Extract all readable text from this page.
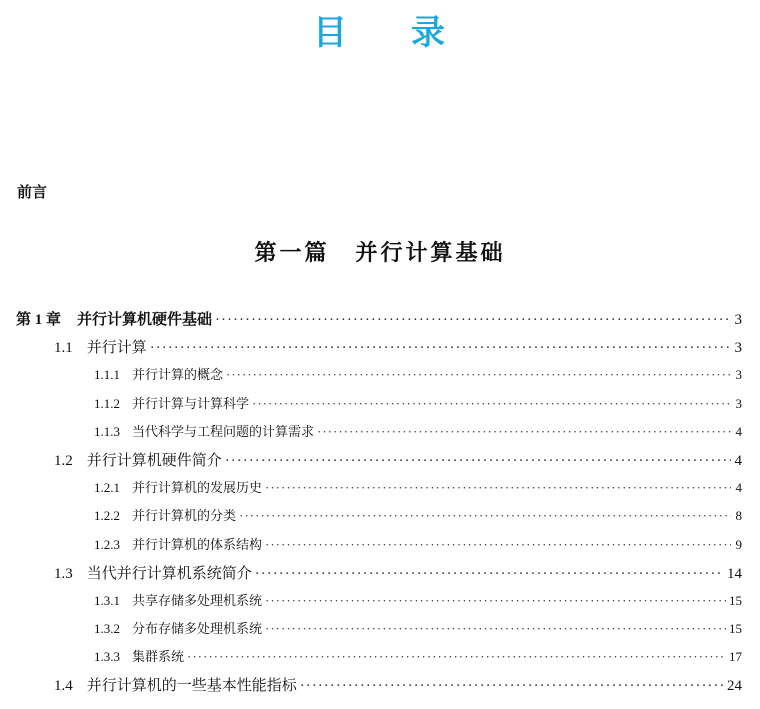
目 录
前言
第一篇 并行计算基础
第 1 章 并行计算机硬件基础 ·····	3
1.1 并行计算 ·····	3
1.1.1 并行计算的概念 ·····	3
1.1.2 并行计算与计算科学 ·····	3
1.1.3 当代科学与工程问题的计算需求 ·····	4
1.2 并行计算机硬件简介 ·····	4
1.2.1 并行计算机的发展历史 ·····	4
1.2.2 并行计算机的分类 ·····	8
1.2.3 并行计算机的体系结构 ·····	9
1.3 当代并行计算机系统简介 ·····	14
1.3.1 共享存储多处理机系统 ·····	15
1.3.2 分布存储多处理机系统 ·····	15
1.3.3 集群系统 ·····	17
1.4 并行计算机的一些基本性能指标 ·····	24
